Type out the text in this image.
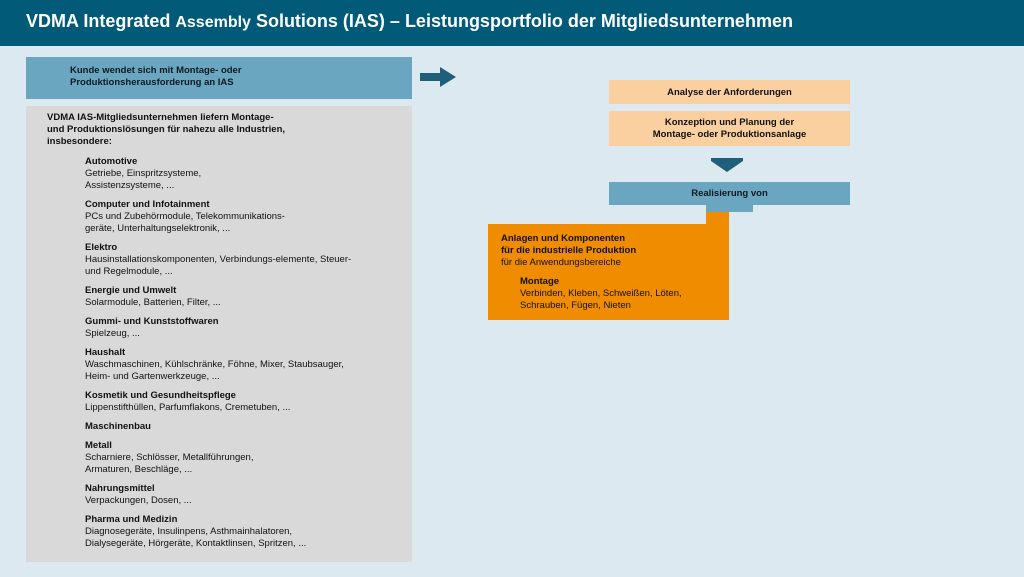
VDMA Integrated Assembly Solutions (IAS) – Leistungsportfolio der Mitgliedsunternehmen
Kunde wendet sich mit Montage- oder
Produktionsherausforderung an IAS
VDMA IAS-Mitgliedsunternehmen liefern Montage-
und Produktionslösungen für nahezu alle Industrien,
insbesondere:
Automotive
Getriebe, Einspritzsysteme,
Assistenzsysteme, ...
Computer und Infotainment
PCs und Zubehörmodule, Telekommunikations-
geräte, Unterhaltungselektronik, ...
Elektro
Hausinstallationskomponenten, Verbindungs-elemente, Steuer-
und Regelmodule, ...
Energie und Umwelt
Solarmodule, Batterien, Filter, ...
Gummi- und Kunststoffwaren
Spielzeug, ...
Haushalt
Waschmaschinen, Kühlschränke, Föhne, Mixer, Staubsauger,
Heim- und Gartenwerkzeuge, ...
Kosmetik und Gesundheitspflege
Lippenstifthüllen, Parfumflakons, Cremetuben, ...
Maschinenbau
Metall
Scharniere, Schlösser, Metallführungen,
Armaturen, Beschläge, ...
Nahrungsmittel
Verpackungen, Dosen, ...
Pharma und Medizin
Diagnosegeräte, Insulinpens, Asthmainhalatoren,
Dialysegeräte, Hörgeräte, Kontaktlinsen, Spritzen, ...
Analyse der Anforderungen
Konzeption und Planung der
Montage- oder Produktionsanlage
Realisierung von
Anlagen und Komponenten
für die industrielle Produktion
für die Anwendungsbereiche
Montage
Verbinden, Kleben, Schweißen, Löten,
Schrauben, Fügen, Nieten
